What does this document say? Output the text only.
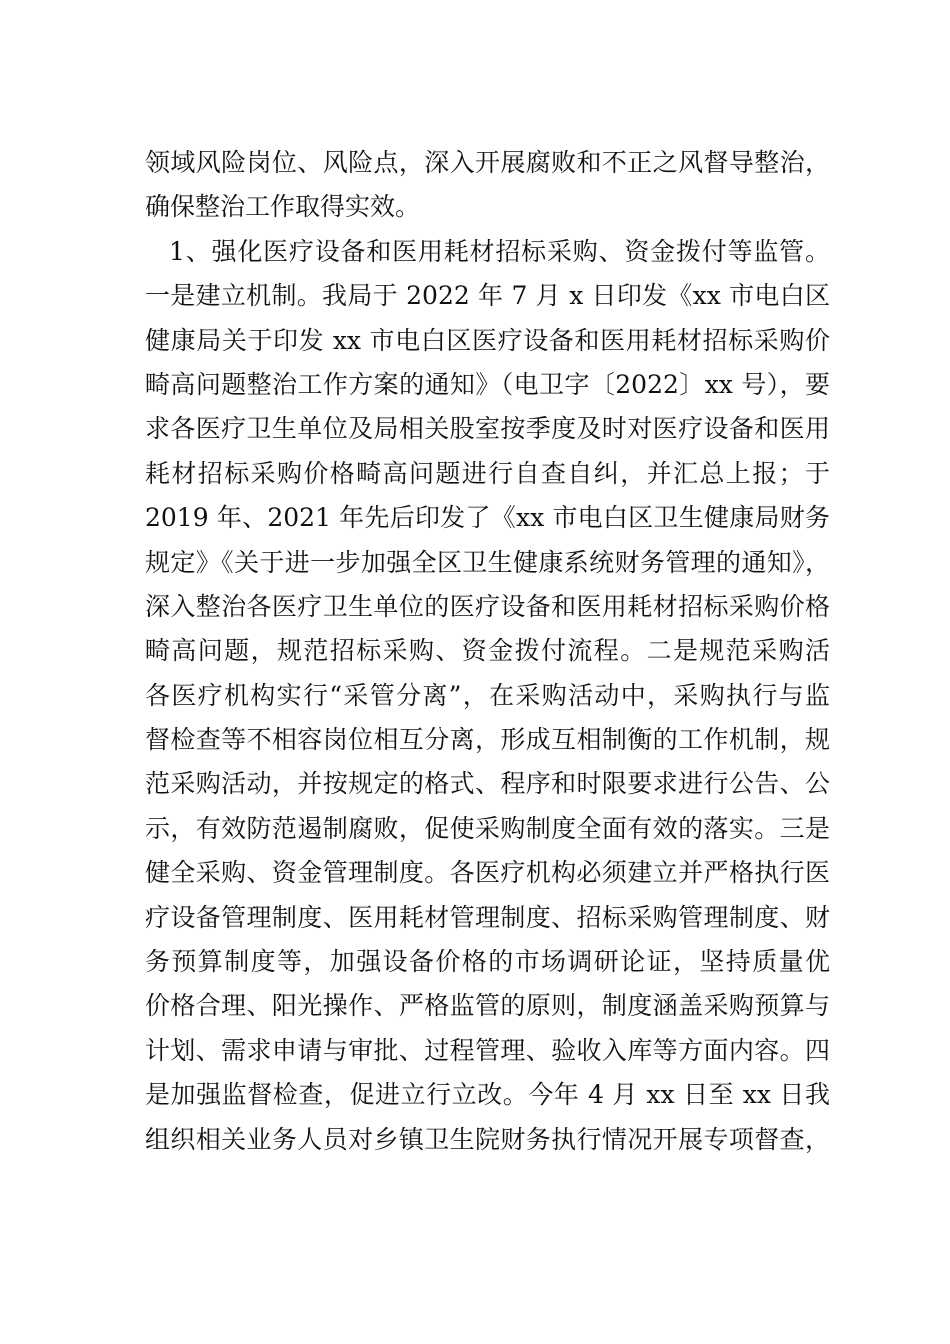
领域风险岗位、风险点，深入开展腐败和不正之风督导整治，
确保整治工作取得实效。
1、强化医疗设备和医用耗材招标采购、资金拨付等监管。
一是建立机制。我局于 2022 年 7 月 x 日印发《xx 市电白区
健康局关于印发 xx 市电白区医疗设备和医用耗材招标采购价
畸高问题整治工作方案的通知》（电卫字〔2022〕xx 号），要
求各医疗卫生单位及局相关股室按季度及时对医疗设备和医用
耗材招标采购价格畸高问题进行自查自纠，并汇总上报；于
2019 年、2021 年先后印发了《xx 市电白区卫生健康局财务
规定》《关于进一步加强全区卫生健康系统财务管理的通知》，
深入整治各医疗卫生单位的医疗设备和医用耗材招标采购价格
畸高问题，规范招标采购、资金拨付流程。二是规范采购活
各医疗机构实行“采管分离”，在采购活动中，采购执行与监
督检查等不相容岗位相互分离，形成互相制衡的工作机制，规
范采购活动，并按规定的格式、程序和时限要求进行公告、公
示，有效防范遏制腐败，促使采购制度全面有效的落实。三是
健全采购、资金管理制度。各医疗机构必须建立并严格执行医
疗设备管理制度、医用耗材管理制度、招标采购管理制度、财
务预算制度等，加强设备价格的市场调研论证，坚持质量优
价格合理、阳光操作、严格监管的原则，制度涵盖采购预算与
计划、需求申请与审批、过程管理、验收入库等方面内容。四
是加强监督检查，促进立行立改。今年 4 月 xx 日至 xx 日我
组织相关业务人员对乡镇卫生院财务执行情况开展专项督查，
